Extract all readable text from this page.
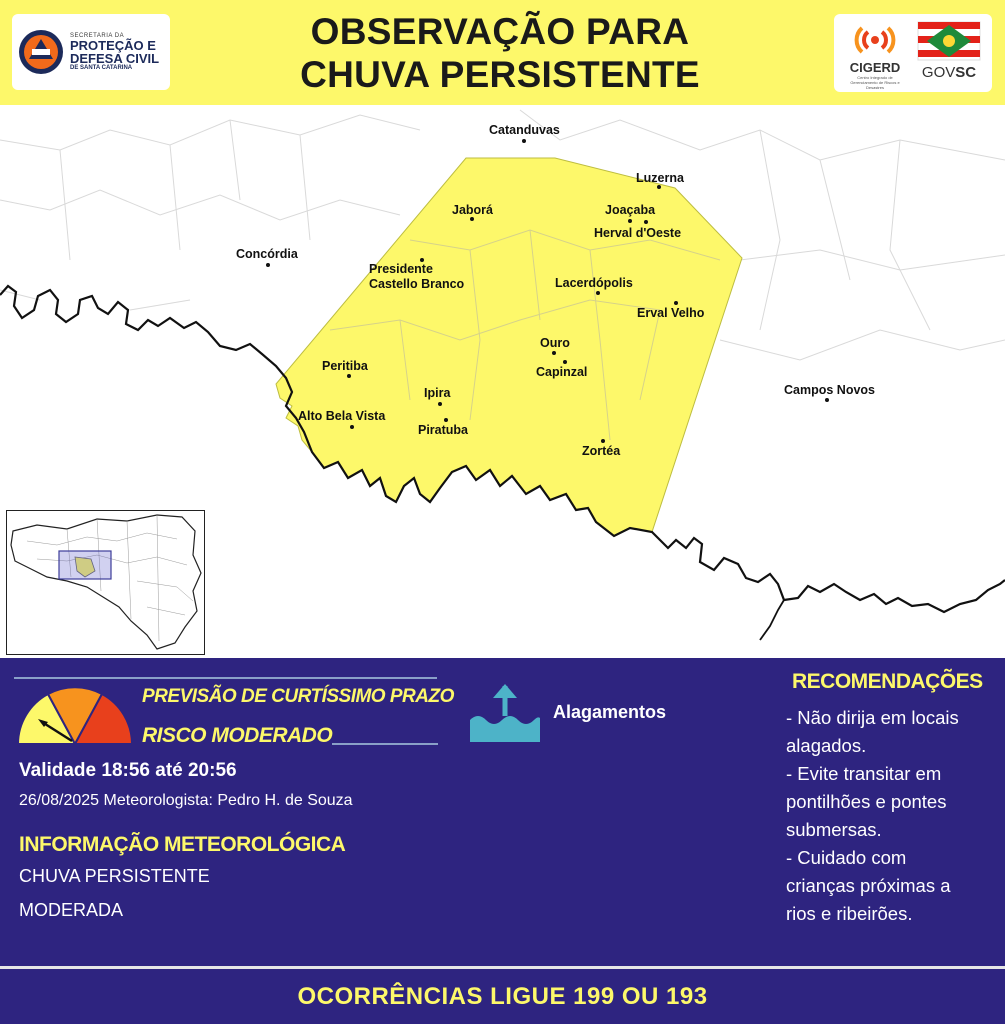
SECRETARIA DA
PROTEÇÃO E
DEFESA CIVIL
DE SANTA CATARINA
OBSERVAÇÃO PARA
CHUVA PERSISTENTE	CIGERD
Centro Integrado de Gerenciamento de Riscos e Desastres
GOVSC
Catanduvas
Luzerna
Jaborá	Joaçaba
Herval d'Oeste
Concórdia
Presidente
Castello Branco	Lacerdópolis
Erval Velho
Ouro
Capinzal
Peritiba
Campos Novos
Ipira
Alto Bela Vista
Piratuba
Zortéa
PREVISÃO DE CURTÍSSIMO PRAZO
RISCO MODERADO
Validade 18:56 até 20:56
26/08/2025 Meteorologista: Pedro H. de Souza
INFORMAÇÃO METEOROLÓGICA
CHUVA PERSISTENTE
MODERADA
Alagamentos
RECOMENDAÇÕES
- Não dirija em locais
alagados.
- Evite transitar em
pontilhões e pontes
submersas.
- Cuidado com
crianças próximas a
rios e ribeirões.
OCORRÊNCIAS LIGUE 199 OU 193
